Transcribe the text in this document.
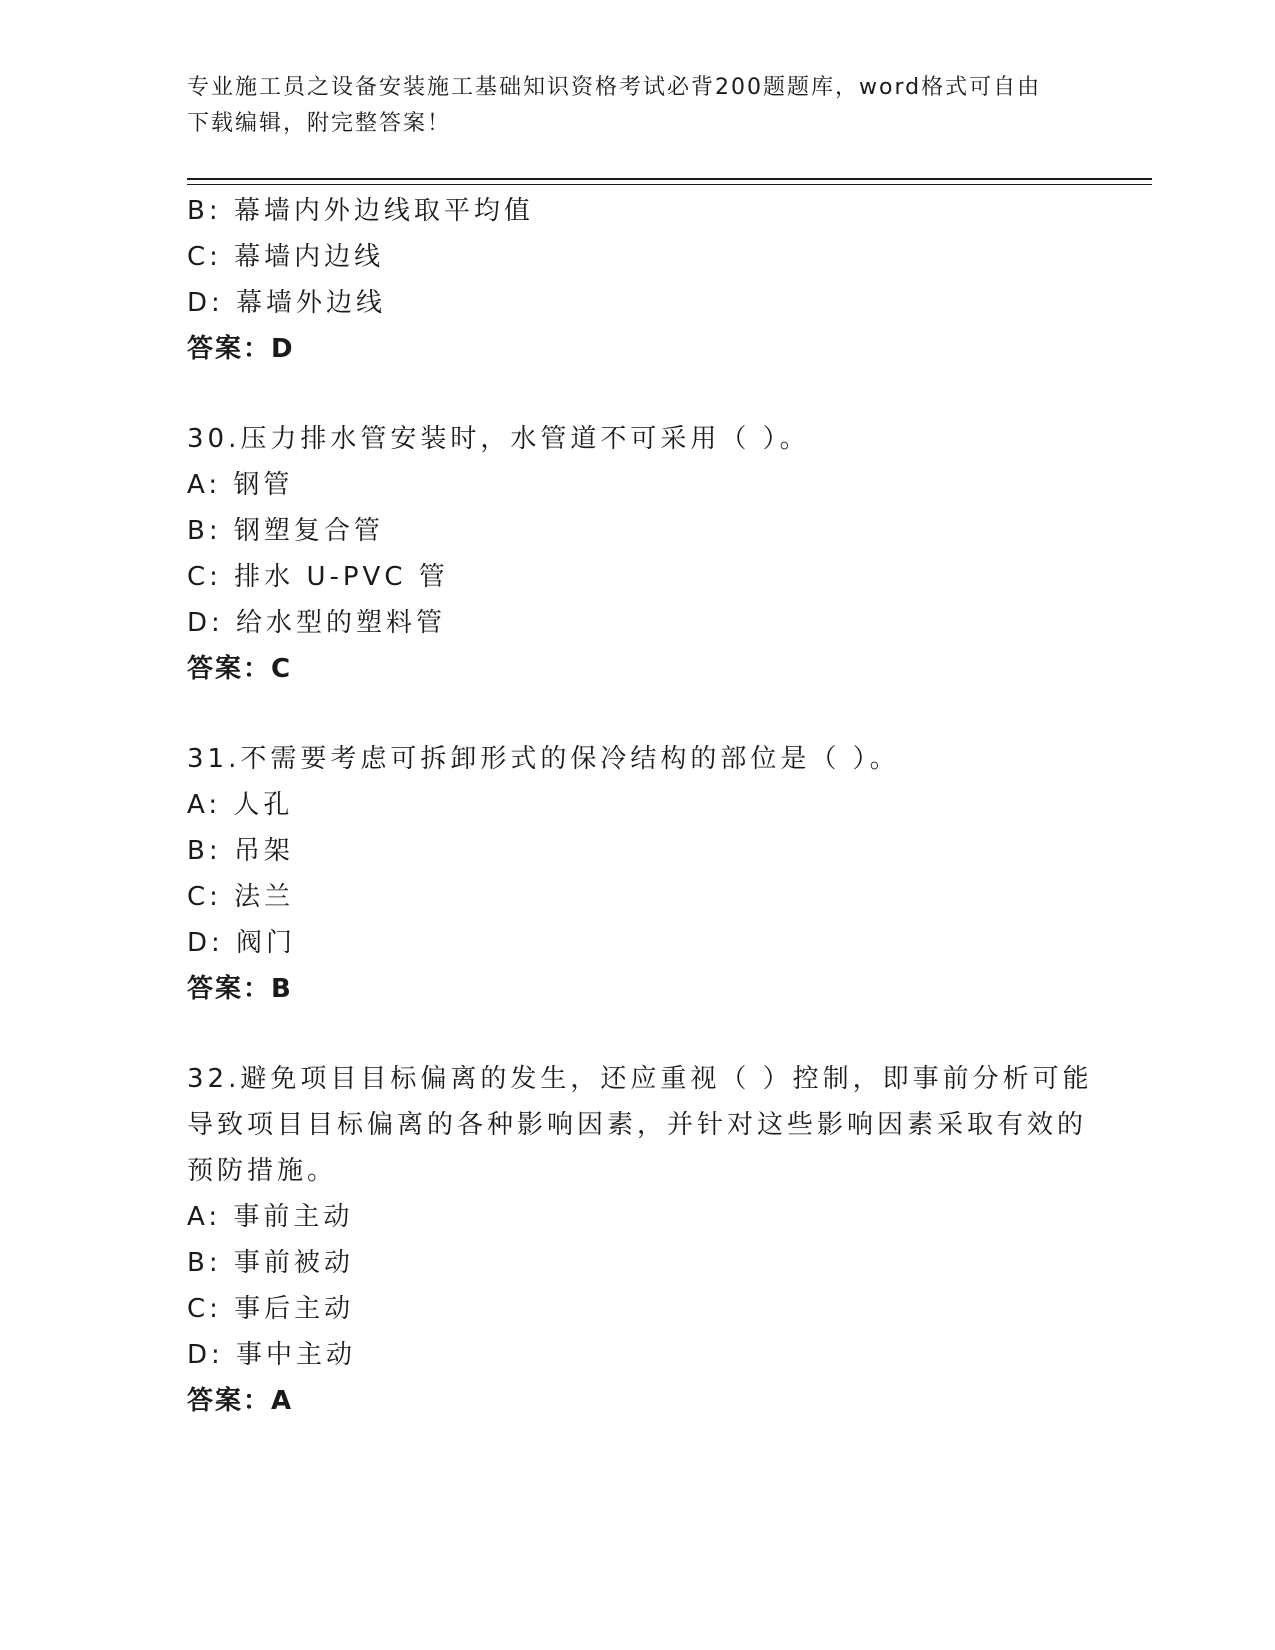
专业施工员之设备安装施工基础知识资格考试必背200题题库，word格式可自由
下载编辑，附完整答案！
B: 幕墙内外边线取平均值
C: 幕墙内边线
D: 幕墙外边线
答案：D
30.压力排水管安装时，水管道不可采用（ ）。
A: 钢管
B: 钢塑复合管
C: 排水 U-PVC 管
D: 给水型的塑料管
答案：C
31.不需要考虑可拆卸形式的保冷结构的部位是（ ）。
A: 人孔
B: 吊架
C: 法兰
D: 阀门
答案：B
32.避免项目目标偏离的发生，还应重视（ ）控制，即事前分析可能
导致项目目标偏离的各种影响因素，并针对这些影响因素采取有效的
预防措施。
A: 事前主动
B: 事前被动
C: 事后主动
D: 事中主动
答案：A
